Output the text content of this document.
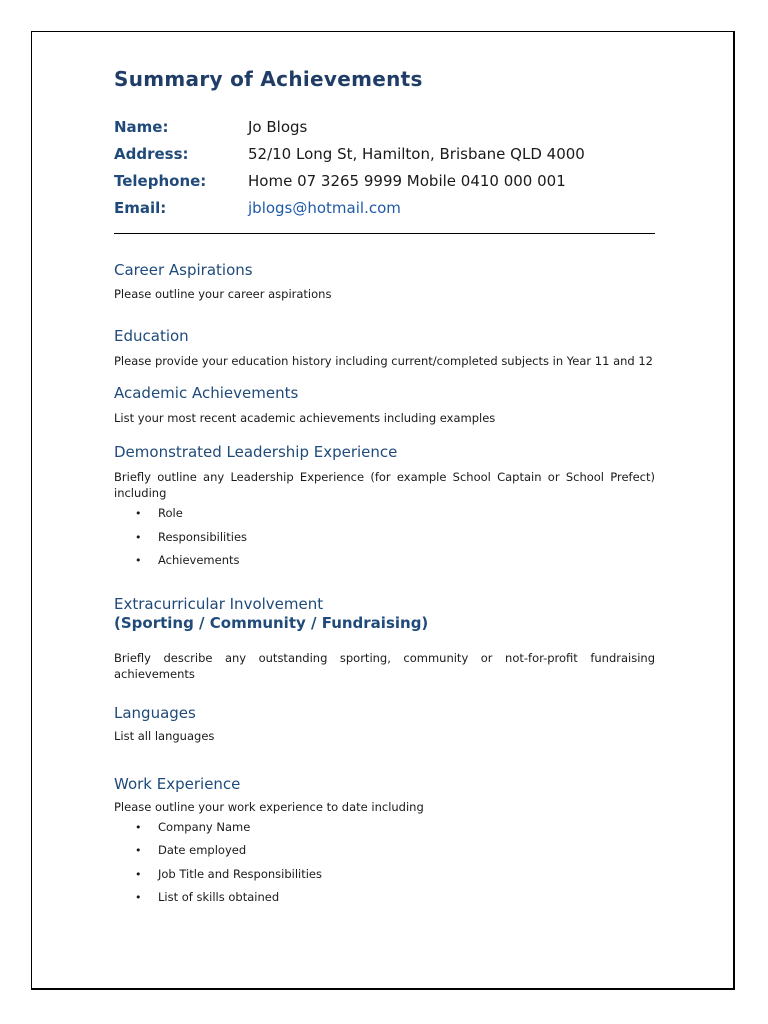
Summary of Achievements
Name:	Jo Blogs
Address:	52/10 Long St, Hamilton, Brisbane QLD 4000
Telephone:	Home 07 3265 9999 Mobile 0410 000 001
Email:	jblogs@hotmail.com
Career Aspirations

Please outline your career aspirations

Education

Please provide your education history including current/completed subjects in Year 11 and 12

Academic Achievements

List your most recent academic achievements including examples

Demonstrated Leadership Experience

Briefly outline any Leadership Experience (for example School Captain or School Prefect) including

• Role
• Responsibilities
• Achievements
Extracurricular Involvement
(Sporting / Community / Fundraising)

Briefly describe any outstanding sporting, community or not-for-profit fundraising achievements

Languages

List all languages

Work Experience

Please outline your work experience to date including

• Company Name
• Date employed
• Job Title and Responsibilities
• List of skills obtained
